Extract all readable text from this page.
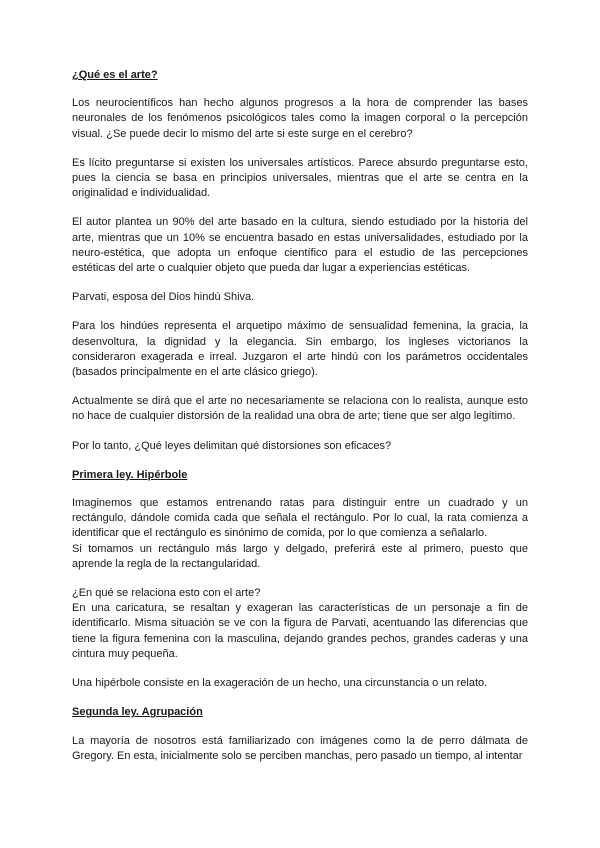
¿Qué es el arte?

Los neurocientíficos han hecho algunos progresos a la hora de comprender las bases neuronales de los fenómenos psicológicos tales como la imagen corporal o la percepción visual. ¿Se puede decir lo mismo del arte si este surge en el cerebro?

Es lícito preguntarse si existen los universales artísticos. Parece absurdo preguntarse esto, pues la ciencia se basa en principios universales, mientras que el arte se centra en la originalidad e individualidad.

El autor plantea un 90% del arte basado en la cultura, siendo estudiado por la historia del arte, mientras que un 10% se encuentra basado en estas universalidades, estudiado por la neuro-estética, que adopta un enfoque científico para el estudio de las percepciones estéticas del arte o cualquier objeto que pueda dar lugar a experiencias estéticas.

Parvati, esposa del Dios hindú Shiva.

Para los hindúes representa el arquetipo máximo de sensualidad femenina, la gracia, la desenvoltura, la dignidad y la elegancia. Sin embargo, los ingleses victorianos la consideraron exagerada e irreal. Juzgaron el arte hindú con los parámetros occidentales (basados principalmente en el arte clásico griego).

Actualmente se dirá que el arte no necesariamente se relaciona con lo realista, aunque esto no hace de cualquier distorsión de la realidad una obra de arte; tiene que ser algo legítimo.

Por lo tanto, ¿Qué leyes delimitan qué distorsiones son eficaces?

Primera ley. Hipérbole

Imaginemos que estamos entrenando ratas para distinguir entre un cuadrado y un rectángulo, dándole comida cada que señala el rectángulo. Por lo cual, la rata comienza a identificar que el rectángulo es sinónimo de comida, por lo que comienza a señalarlo.

Si tomamos un rectángulo más largo y delgado, preferirá este al primero, puesto que aprende la regla de la rectangularidad.

¿En qué se relaciona esto con el arte?

En una caricatura, se resaltan y exageran las características de un personaje a fin de identificarlo. Misma situación se ve con la figura de Parvati, acentuando las diferencias que tiene la figura femenina con la masculina, dejando grandes pechos, grandes caderas y una cintura muy pequeña.

Una hipérbole consiste en la exageración de un hecho, una circunstancia o un relato.

Segunda ley. Agrupación

La mayoría de nosotros está familiarizado con imágenes como la de perro dálmata de Gregory. En esta, inicialmente solo se perciben manchas, pero pasado un tiempo, al intentar
